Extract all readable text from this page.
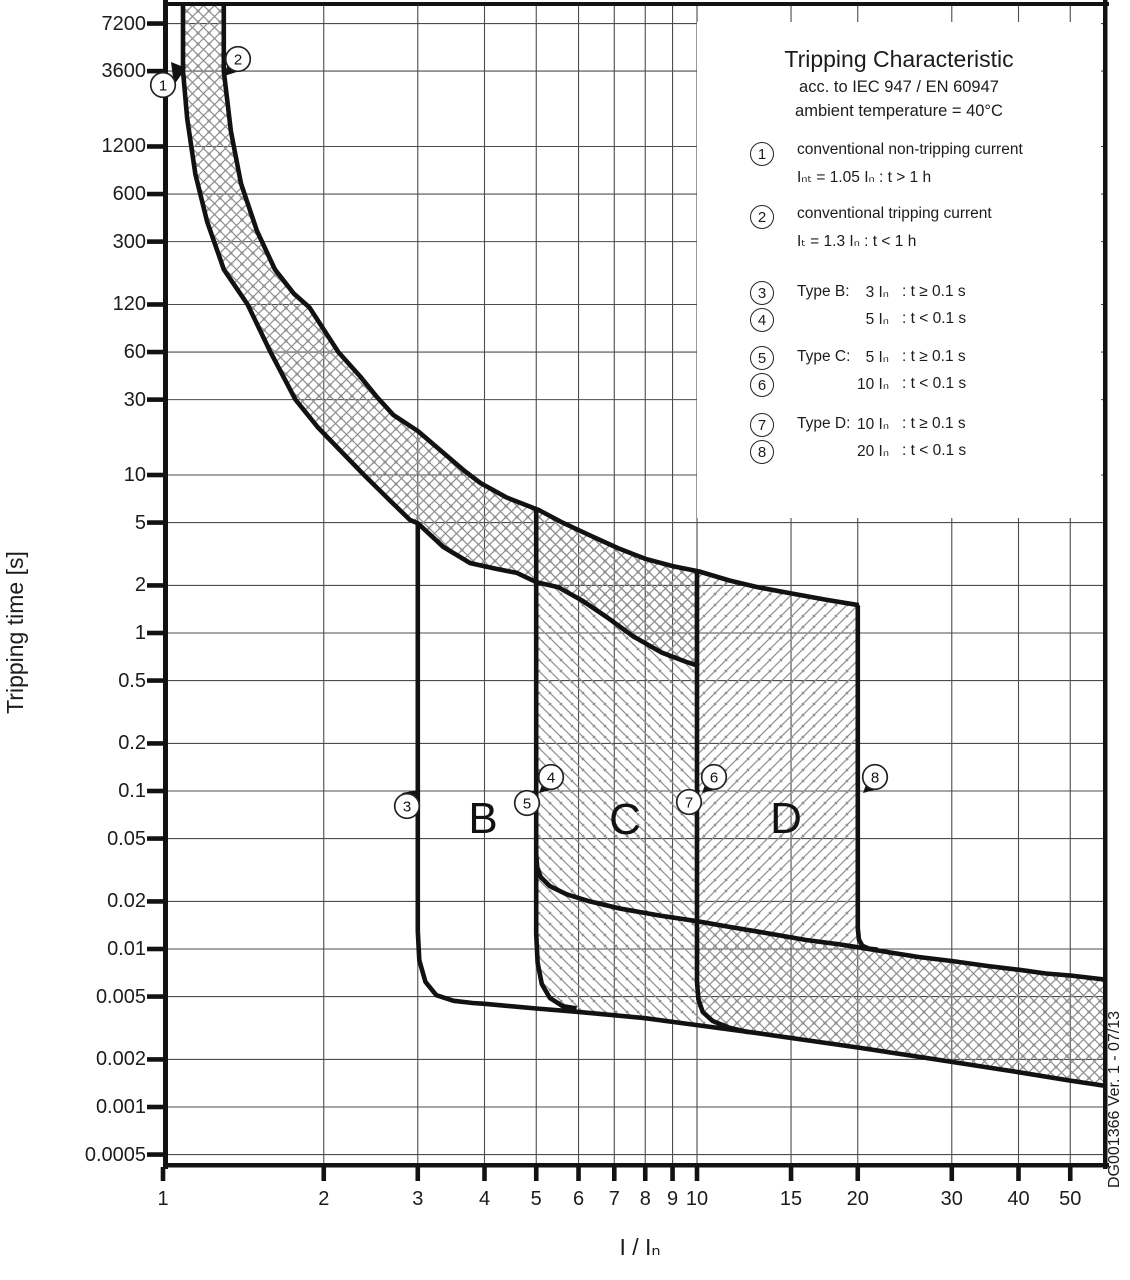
B	C	D
1
2
3
4
5
6
7
8
Tripping time [s]
I / Iₙ
DG001366 Ver. 1 - 07/13
Tripping Characteristic
acc. to IEC 947 / EN 60947
ambient temperature = 40°C
1	conventional non-tripping current
Iₙₜ = 1.05 Iₙ : t > 1 h
2	conventional tripping current
Iₜ = 1.3 Iₙ : t < 1 h
3
4
Type B:	3 Iₙ : t ≥ 0.1 s
5 Iₙ : t < 0.1 s
5
6
Type C: 5 Iₙ : t ≥ 0.1 s
10 Iₙ : t < 0.1 s
7
8
Type D: 10 Iₙ : t ≥ 0.1 s
20 Iₙ : t < 0.1 s
7200
3600
1200
600
300
120
60
30
10
5
2
1
0.5
0.2
0.1
0.05
0.02
0.01
0.005
0.002
0.001
0.0005
1	2	3	4	5	6	7 8 9 10	15	20	30	40	50
